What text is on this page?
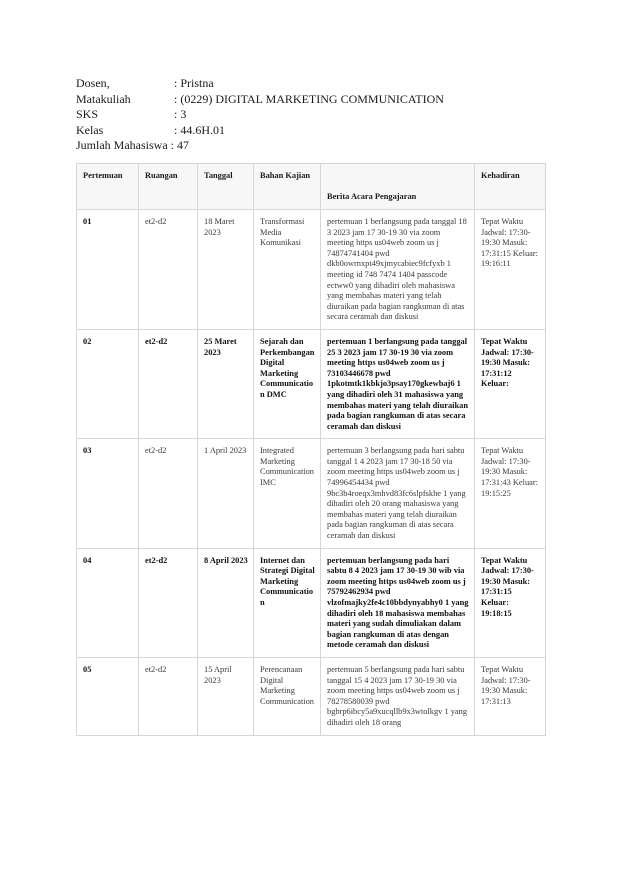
Dosen,	: Pristna
Matakuliah	: (0229) DIGITAL MARKETING COMMUNICATION
SKS	: 3
Kelas	: 44.6H.01
Jumlah Mahasiswa : 47
Pertemuan	Ruangan	Tanggal	Bahan Kajian	Berita Acara Pengajaran	Kehadiran
01	et2-d2	18 Maret 2023	Transformasi Media Komunikasi	pertemuan 1 berlangsung pada tanggal 18 3 2023 jam 17 30-19 30 via zoom meeting https us04web zoom us j 74874741404 pwd dkb0owrnxpt49xjmycabiec9fcfyxb 1 meeting id 748 7474 1404 passcode ectww0 yang dihadiri oleh mahasiswa yang membahas materi yang telah diuraikan pada bagian rangkuman di atas secara ceramah dan diskusi	Tepat Waktu Jadwal: 17:30-19:30 Masuk: 17:31:15 Keluar: 19:16:11
02	et2-d2	25 Maret 2023	Sejarah dan Perkembangan Digital Marketing Communication DMC	pertemuan 1 berlangsung pada tanggal 25 3 2023 jam 17 30-19 30 via zoom meeting https us04web zoom us j 73103446678 pwd 1pkotmtk1kbkjo3psay170gkewbaj6 1 yang dihadiri oleh 31 mahasiswa yang membahas materi yang telah diuraikan pada bagian rangkuman di atas secara ceramah dan diskusi	Tepat Waktu Jadwal: 17:30-19:30 Masuk: 17:31:12 Keluar:
03	et2-d2	1 April 2023	Integrated Marketing Communication IMC	pertemuan 3 berlangsung pada hari sabtu tanggal 1 4 2023 jam 17 30-18 50 via zoom meeting https us04web zoom us j 74996454434 pwd 9bc3b4roeqx3mhvd83fc6slpfskhe 1 yang dihadiri oleh 20 orang mahasiswa yang membahas materi yang telah diuraikan pada bagian rangkuman di atas secara ceramah dan diskusi	Tepat Waktu Jadwal: 17:30-19:30 Masuk: 17:31:43 Keluar: 19:15:25
04	et2-d2	8 April 2023	Internet dan Strategi Digital Marketing Communication	pertemuan berlangsung pada hari sabtu 8 4 2023 jam 17 30-19 30 wib via zoom meeting https us04web zoom us j 75792462934 pwd vlzofmajky2fe4c10bbdynyabhy0 1 yang dihadiri oleh 18 mahasiswa membahas materi yang sudah dimuliakan dalam bagian rangkuman di atas dengan metode ceramah dan diskusi	Tepat Waktu Jadwal: 17:30-19:30 Masuk: 17:31:15 Keluar: 19:18:15
05	et2-d2	15 April 2023	Perencanaan Digital Marketing Communication	pertemuan 5 berlangsung pada hari sabtu tanggal 15 4 2023 jam 17 30-19 30 via zoom meeting https us04web zoom us j 78278580039 pwd bgbrp6ibcy5a9xucqllb9x3wtolkgv 1 yang dihadiri oleh 18 orang	Tepat Waktu Jadwal: 17:30-19:30 Masuk: 17:31:13
